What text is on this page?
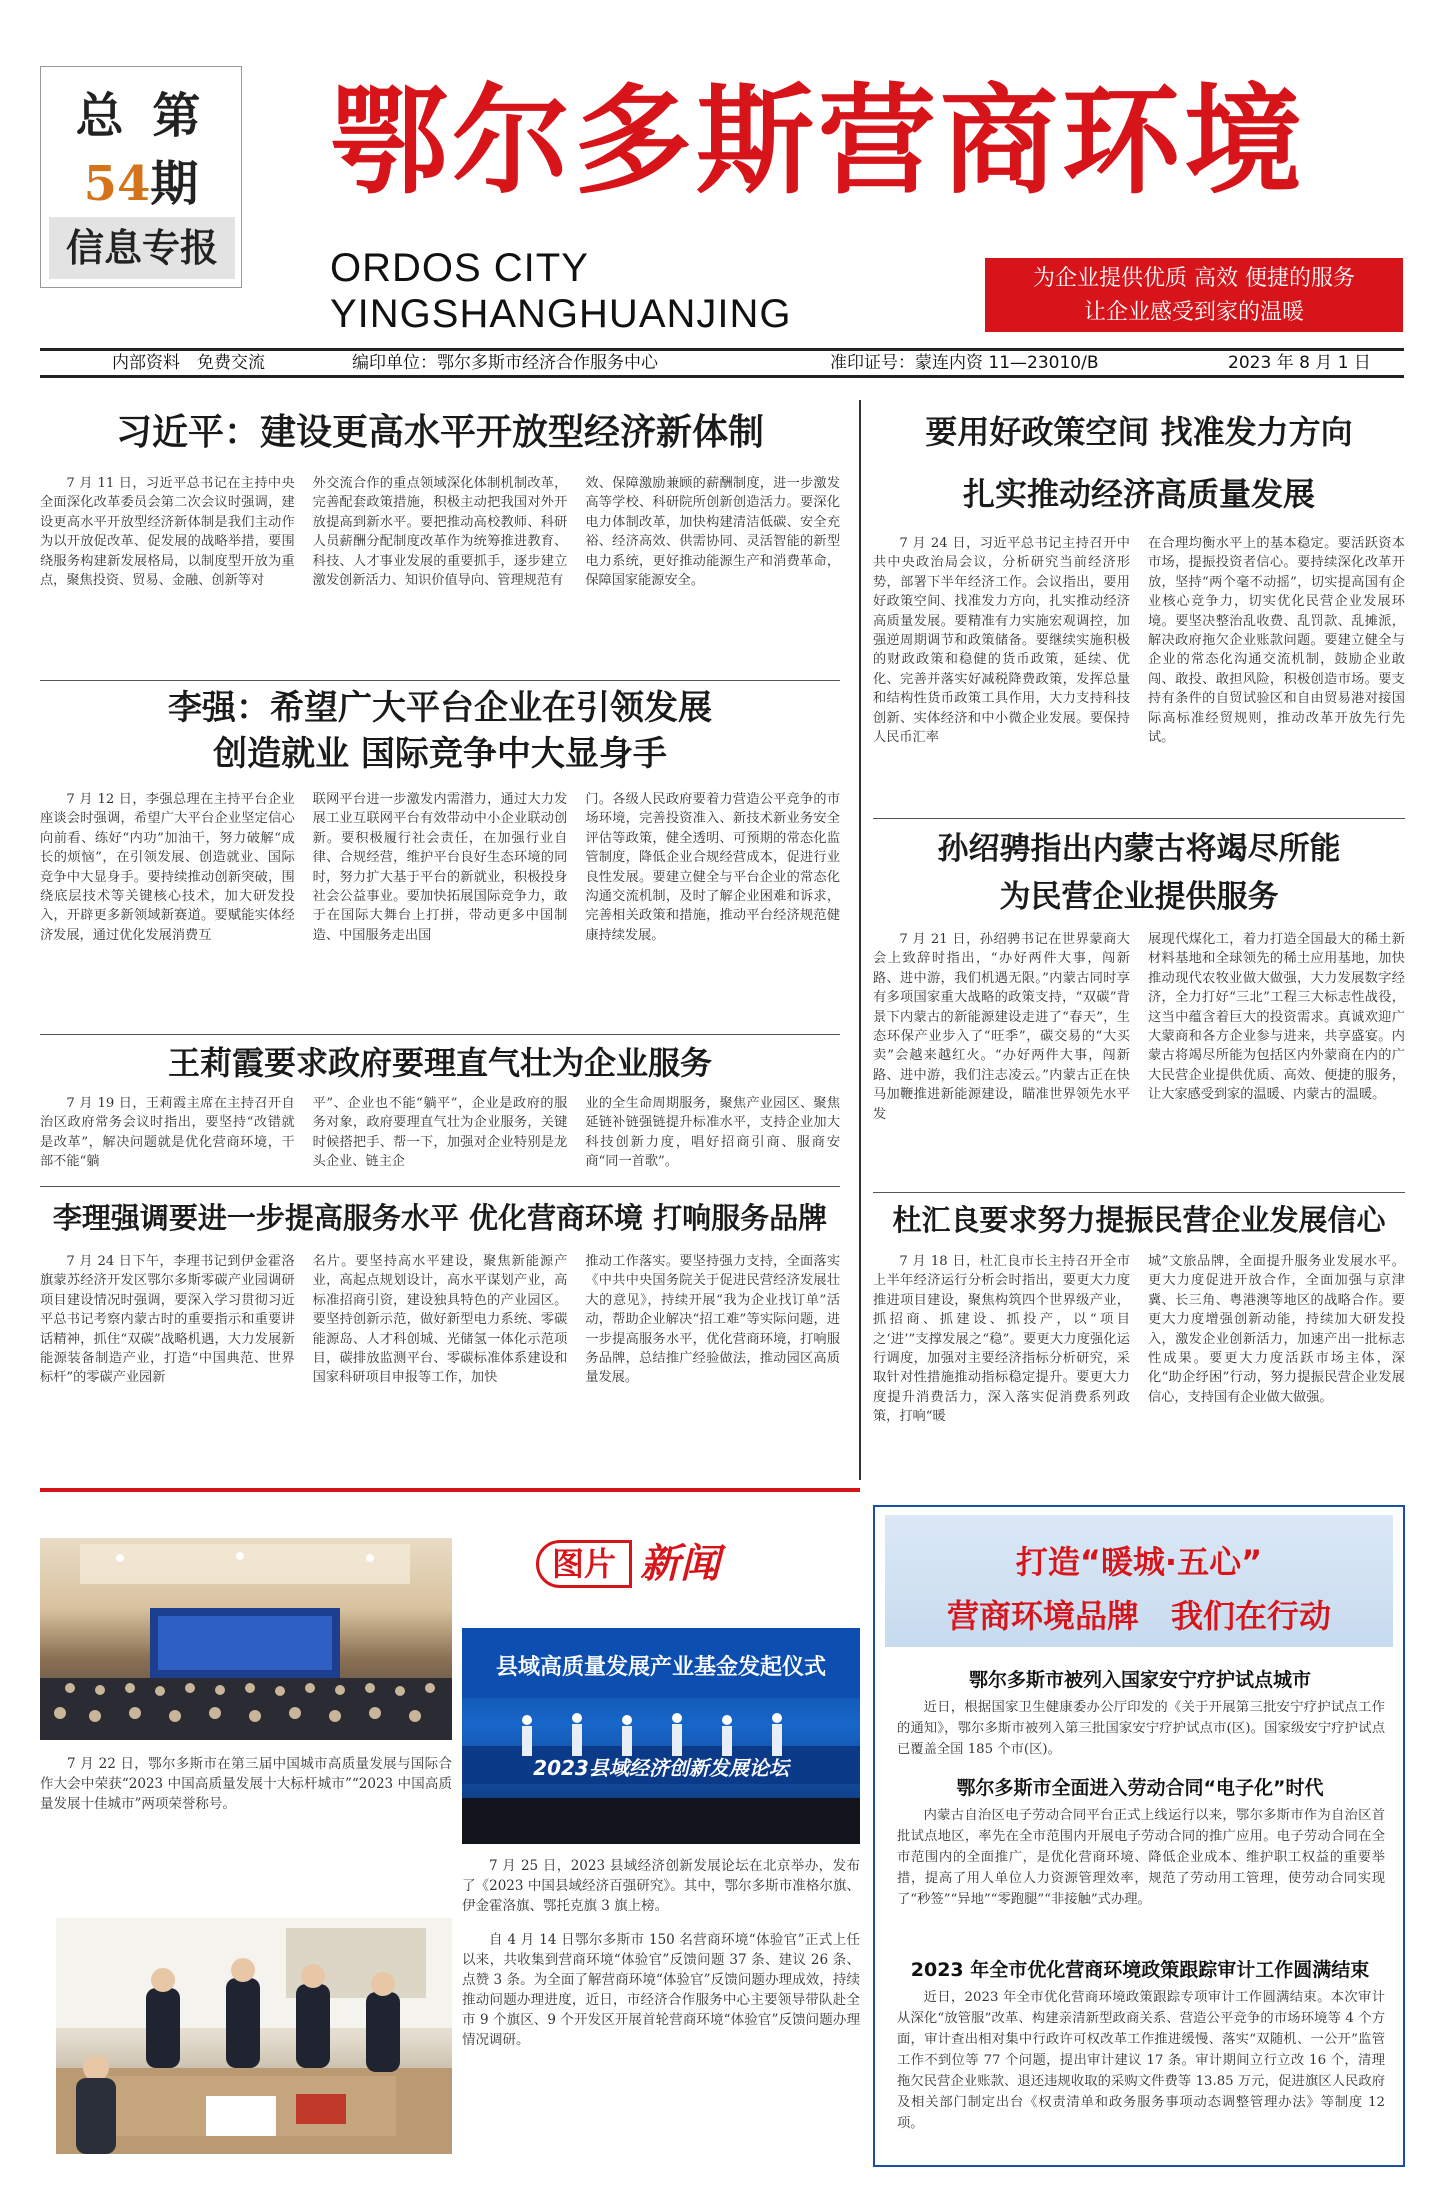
总 第
54期
信息专报
鄂尔多斯营商环境
ORDOS CITY
YINGSHANGHUANJING
为企业提供优质 高效 便捷的服务
让企业感受到家的温暖
内部资料　免费交流	编印单位：鄂尔多斯市经济合作服务中心	准印证号：蒙连内资 11—23010/B	2023 年 8 月 1 日
习近平：建设更高水平开放型经济新体制
7 月 11 日，习近平总书记在主持中央全面深化改革委员会第二次会议时强调，建设更高水平开放型经济新体制是我们主动作为以开放促改革、促发展的战略举措，要围绕服务构建新发展格局，以制度型开放为重点，聚焦投资、贸易、金融、创新等对
外交流合作的重点领域深化体制机制改革，完善配套政策措施，积极主动把我国对外开放提高到新水平。要把推动高校教师、科研人员薪酬分配制度改革作为统筹推进教育、科技、人才事业发展的重要抓手，逐步建立激发创新活力、知识价值导向、管理规范有
效、保障激励兼顾的薪酬制度，进一步激发高等学校、科研院所创新创造活力。要深化电力体制改革，加快构建清洁低碳、安全充裕、经济高效、供需协同、灵活智能的新型电力系统，更好推动能源生产和消费革命，保障国家能源安全。
李强：希望广大平台企业在引领发展
创造就业 国际竞争中大显身手
7 月 12 日，李强总理在主持平台企业座谈会时强调，希望广大平台企业坚定信心向前看、练好“内功”加油干，努力破解“成长的烦恼”，在引领发展、创造就业、国际竞争中大显身手。要持续推动创新突破，围绕底层技术等关键核心技术，加大研发投入，开辟更多新领域新赛道。要赋能实体经济发展，通过优化发展消费互
联网平台进一步激发内需潜力，通过大力发展工业互联网平台有效带动中小企业联动创新。要积极履行社会责任，在加强行业自律、合规经营，维护平台良好生态环境的同时，努力扩大基于平台的新就业，积极投身社会公益事业。要加快拓展国际竞争力，敢于在国际大舞台上打拼，带动更多中国制造、中国服务走出国
门。各级人民政府要着力营造公平竞争的市场环境，完善投资准入、新技术新业务安全评估等政策，健全透明、可预期的常态化监管制度，降低企业合规经营成本，促进行业良性发展。要建立健全与平台企业的常态化沟通交流机制，及时了解企业困难和诉求，完善相关政策和措施，推动平台经济规范健康持续发展。
王莉霞要求政府要理直气壮为企业服务
7 月 19 日，王莉霞主席在主持召开自治区政府常务会议时指出，要坚持“改错就是改革”，解决问题就是优化营商环境，干部不能“躺
平”、企业也不能“躺平”，企业是政府的服务对象，政府要理直气壮为企业服务，关键时候搭把手、帮一下，加强对企业特别是龙头企业、链主企
业的全生命周期服务，聚焦产业园区、聚焦延链补链强链提升标准水平，支持企业加大科技创新力度，唱好招商引商、服商安商“同一首歌”。
李理强调要进一步提高服务水平 优化营商环境 打响服务品牌
7 月 24 日下午，李理书记到伊金霍洛旗蒙苏经济开发区鄂尔多斯零碳产业园调研项目建设情况时强调，要深入学习贯彻习近平总书记考察内蒙古时的重要指示和重要讲话精神，抓住“双碳”战略机遇，大力发展新能源装备制造产业，打造“中国典范、世界标杆”的零碳产业园新
名片。要坚持高水平建设，聚焦新能源产业，高起点规划设计，高水平谋划产业，高标准招商引资，建设独具特色的产业园区。要坚持创新示范，做好新型电力系统、零碳能源岛、人才科创城、光储氢一体化示范项目，碳排放监测平台、零碳标准体系建设和国家科研项目申报等工作，加快
推动工作落实。要坚持强力支持，全面落实《中共中央国务院关于促进民营经济发展壮大的意见》，持续开展“我为企业找订单”活动，帮助企业解决“招工难”等实际问题，进一步提高服务水平，优化营商环境，打响服务品牌，总结推广经验做法，推动园区高质量发展。
要用好政策空间 找准发力方向
扎实推动经济高质量发展
7 月 24 日，习近平总书记主持召开中共中央政治局会议，分析研究当前经济形势，部署下半年经济工作。会议指出，要用好政策空间、找准发力方向，扎实推动经济高质量发展。要精准有力实施宏观调控，加强逆周期调节和政策储备。要继续实施积极的财政政策和稳健的货币政策，延续、优化、完善并落实好减税降费政策，发挥总量和结构性货币政策工具作用，大力支持科技创新、实体经济和中小微企业发展。要保持人民币汇率
在合理均衡水平上的基本稳定。要活跃资本市场，提振投资者信心。要持续深化改革开放，坚持“两个毫不动摇”，切实提高国有企业核心竞争力，切实优化民营企业发展环境。要坚决整治乱收费、乱罚款、乱摊派，解决政府拖欠企业账款问题。要建立健全与企业的常态化沟通交流机制，鼓励企业敢闯、敢投、敢担风险，积极创造市场。要支持有条件的自贸试验区和自由贸易港对接国际高标准经贸规则，推动改革开放先行先试。
孙绍骋指出内蒙古将竭尽所能
为民营企业提供服务
7 月 21 日，孙绍骋书记在世界蒙商大会上致辞时指出，“办好两件大事，闯新路、进中游，我们机遇无限。”内蒙古同时享有多项国家重大战略的政策支持，“双碳”背景下内蒙古的新能源建设走进了“春天”，生态环保产业步入了“旺季”，碳交易的“大买卖”会越来越红火。“办好两件大事，闯新路、进中游，我们注志凌云。”内蒙古正在快马加鞭推进新能源建设，瞄准世界领先水平发
展现代煤化工，着力打造全国最大的稀土新材料基地和全球领先的稀土应用基地，加快推动现代农牧业做大做强，大力发展数字经济，全力打好“三北”工程三大标志性战役，这当中蕴含着巨大的投资需求。真诚欢迎广大蒙商和各方企业参与进来，共享盛宴。内蒙古将竭尽所能为包括区内外蒙商在内的广大民营企业提供优质、高效、便捷的服务，让大家感受到家的温暖、内蒙古的温暖。
杜汇良要求努力提振民营企业发展信心
7 月 18 日，杜汇良市长主持召开全市上半年经济运行分析会时指出，要更大力度推进项目建设，聚焦构筑四个世界级产业，抓招商、抓建设、抓投产，以“项目之‘进’”支撑发展之“稳”。要更大力度强化运行调度，加强对主要经济指标分析研究，采取针对性措施推动指标稳定提升。要更大力度提升消费活力，深入落实促消费系列政策，打响“暖
城”文旅品牌，全面提升服务业发展水平。更大力度促进开放合作，全面加强与京津冀、长三角、粤港澳等地区的战略合作。要更大力度增强创新动能，持续加大研发投入，激发企业创新活力，加速产出一批标志性成果。要更大力度活跃市场主体，深化“助企纾困”行动，努力提振民营企业发展信心，支持国有企业做大做强。
7 月 22 日，鄂尔多斯市在第三届中国城市高质量发展与国际合作大会中荣获“2023 中国高质量发展十大标杆城市”“2023 中国高质量发展十佳城市”两项荣誉称号。
图片 新闻
县域高质量发展产业基金发起仪式
2023县域经济创新发展论坛
7 月 25 日，2023 县域经济创新发展论坛在北京举办，发布了《2023 中国县域经济百强研究》。其中，鄂尔多斯市准格尔旗、伊金霍洛旗、鄂托克旗 3 旗上榜。
自 4 月 14 日鄂尔多斯市 150 名营商环境“体验官”正式上任以来，共收集到营商环境“体验官”反馈问题 37 条、建议 26 条、点赞 3 条。为全面了解营商环境“体验官”反馈问题办理成效，持续推动问题办理进度，近日，市经济合作服务中心主要领导带队赴全市 9 个旗区、9 个开发区开展首轮营商环境“体验官”反馈问题办理情况调研。
打造“暖城·五心”
营商环境品牌　我们在行动
鄂尔多斯市被列入国家安宁疗护试点城市
近日，根据国家卫生健康委办公厅印发的《关于开展第三批安宁疗护试点工作的通知》，鄂尔多斯市被列入第三批国家安宁疗护试点市(区)。国家级安宁疗护试点已覆盖全国 185 个市(区)。
鄂尔多斯市全面进入劳动合同“电子化”时代
内蒙古自治区电子劳动合同平台正式上线运行以来，鄂尔多斯市作为自治区首批试点地区，率先在全市范围内开展电子劳动合同的推广应用。电子劳动合同在全市范围内的全面推广，是优化营商环境、降低企业成本、维护职工权益的重要举措，提高了用人单位人力资源管理效率，规范了劳动用工管理，使劳动合同实现了“秒签”“异地”“零跑腿”“非接触”式办理。
2023 年全市优化营商环境政策跟踪审计工作圆满结束
近日，2023 年全市优化营商环境政策跟踪专项审计工作圆满结束。本次审计从深化“放管服”改革、构建亲清新型政商关系、营造公平竞争的市场环境等 4 个方面，审计查出相对集中行政许可权改革工作推进缓慢、落实“双随机、一公开”监管工作不到位等 77 个问题，提出审计建议 17 条。审计期间立行立改 16 个，清理拖欠民营企业账款、退还违规收取的采购文件费等 13.85 万元，促进旗区人民政府及相关部门制定出台《权责清单和政务服务事项动态调整管理办法》等制度 12 项。
